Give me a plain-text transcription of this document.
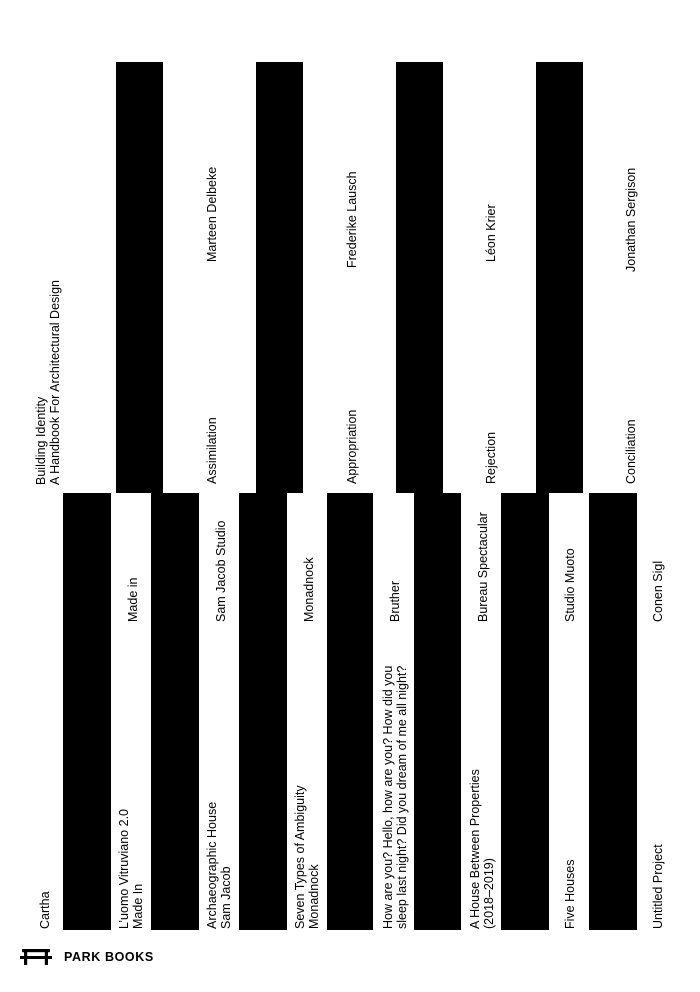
Building Identity A Handbook For Architectural Design	Assimilation
Marteen Delbeke
Appropriation
Frederike Lausch
Rejection
Léon Krier
Conciliation
Jonathan Sergison
Cartha	L’uomo Vitruviano 2.0 Made In
Made in
Archaeographic House Sam Jacob
Sam Jacob Studio
Seven Types of Ambiguity Monadnock
Monadnock
How are you? Hello, how are you? How did you sleep last night? Did you dream of me all night?
Bruther
A House Between Properties (2018–2019)
Bureau Spectacular
Five Houses
Studio Muoto
Untitled Project
Conen Sigl
PARK BOOKS
